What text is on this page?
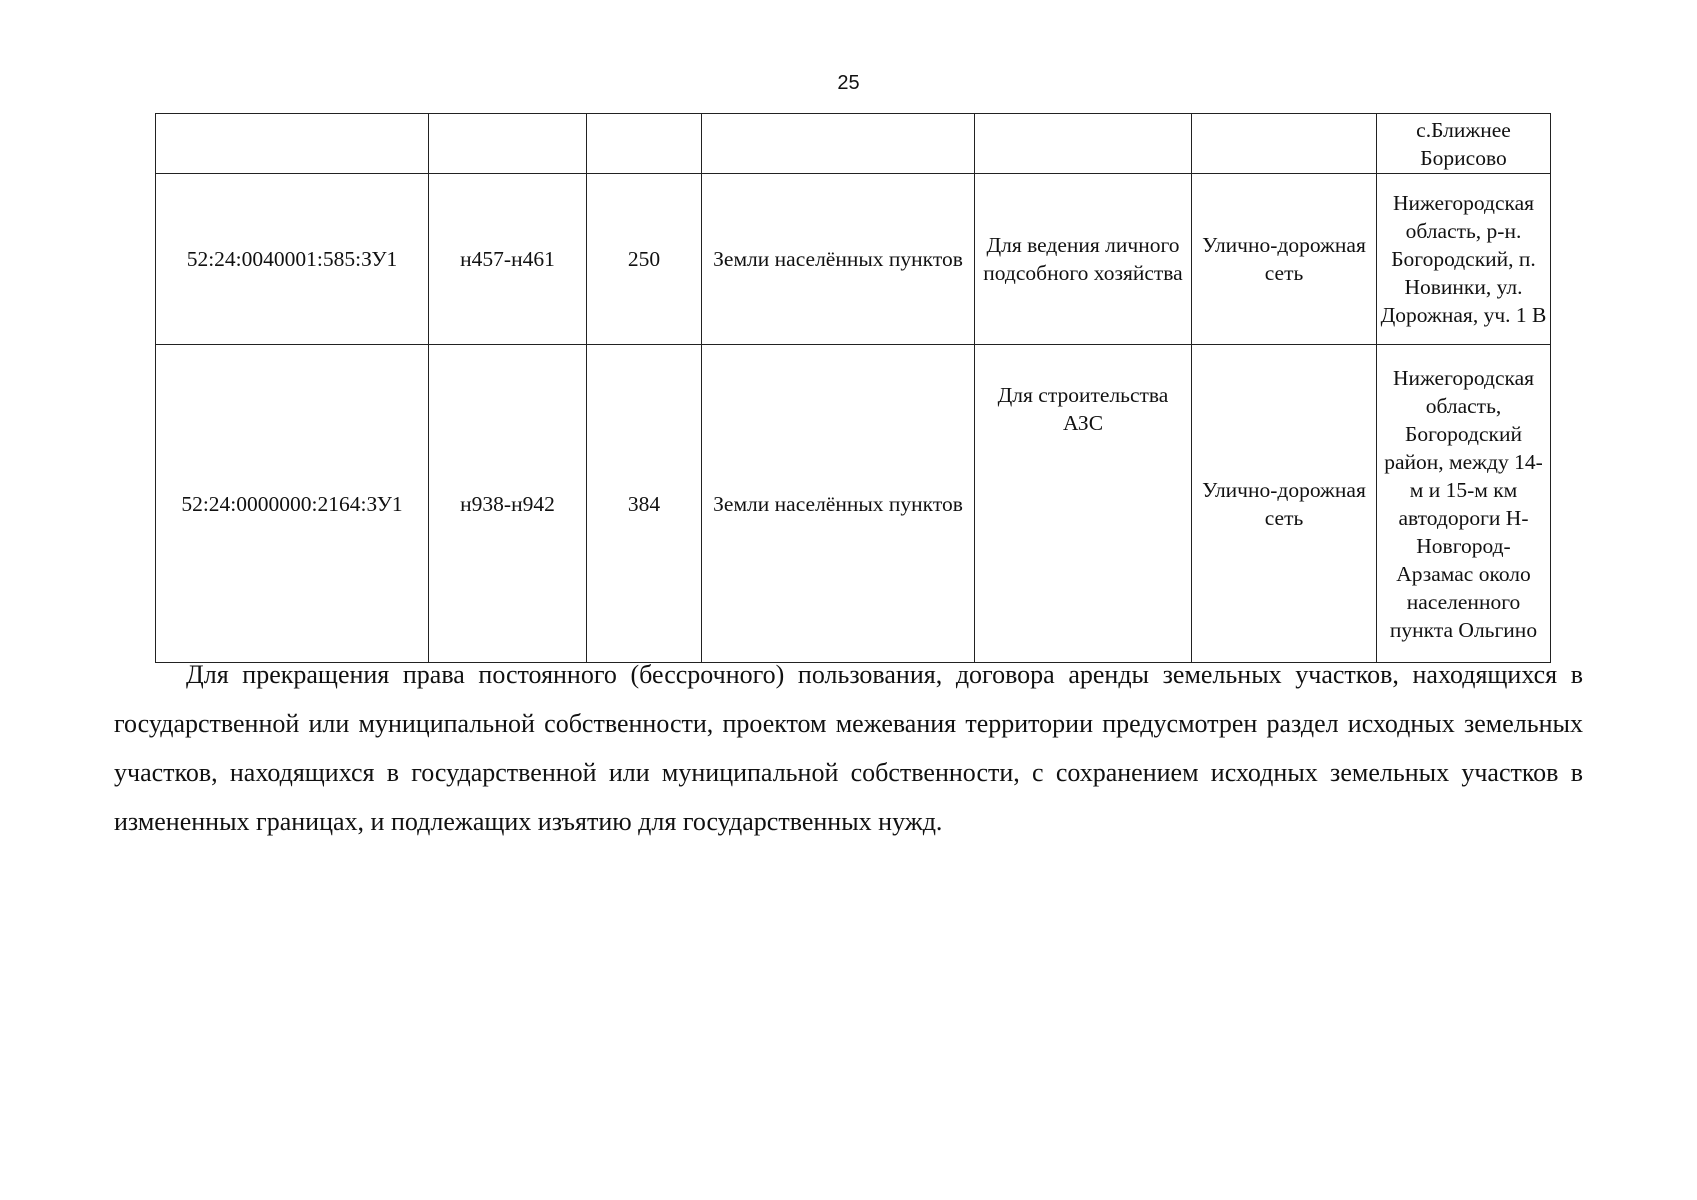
25
						с.Ближнее Борисово
52:24:0040001:585:ЗУ1	н457-н461	250	Земли населённых пунктов	Для ведения личного подсобного хозяйства	Улично-дорожная сеть	Нижегородская область, р-н. Богородский, п. Новинки, ул. Дорожная, уч. 1 В
52:24:0000000:2164:ЗУ1	н938-н942	384	Земли населённых пунктов	Для строительства АЗС	Улично-дорожная сеть	Нижегородская область, Богородский район, между 14-м и 15-м км автодороги Н-Новгород-Арзамас около населенного пункта Ольгино

Для прекращения права постоянного (бессрочного) пользования, договора аренды земельных участков, находящихся в государственной или муниципальной собственности, проектом межевания территории предусмотрен раздел исходных земельных участков, находящихся в государственной или муниципальной собственности, с сохранением исходных земельных участков в измененных границах, и подлежащих изъятию для государственных нужд.
